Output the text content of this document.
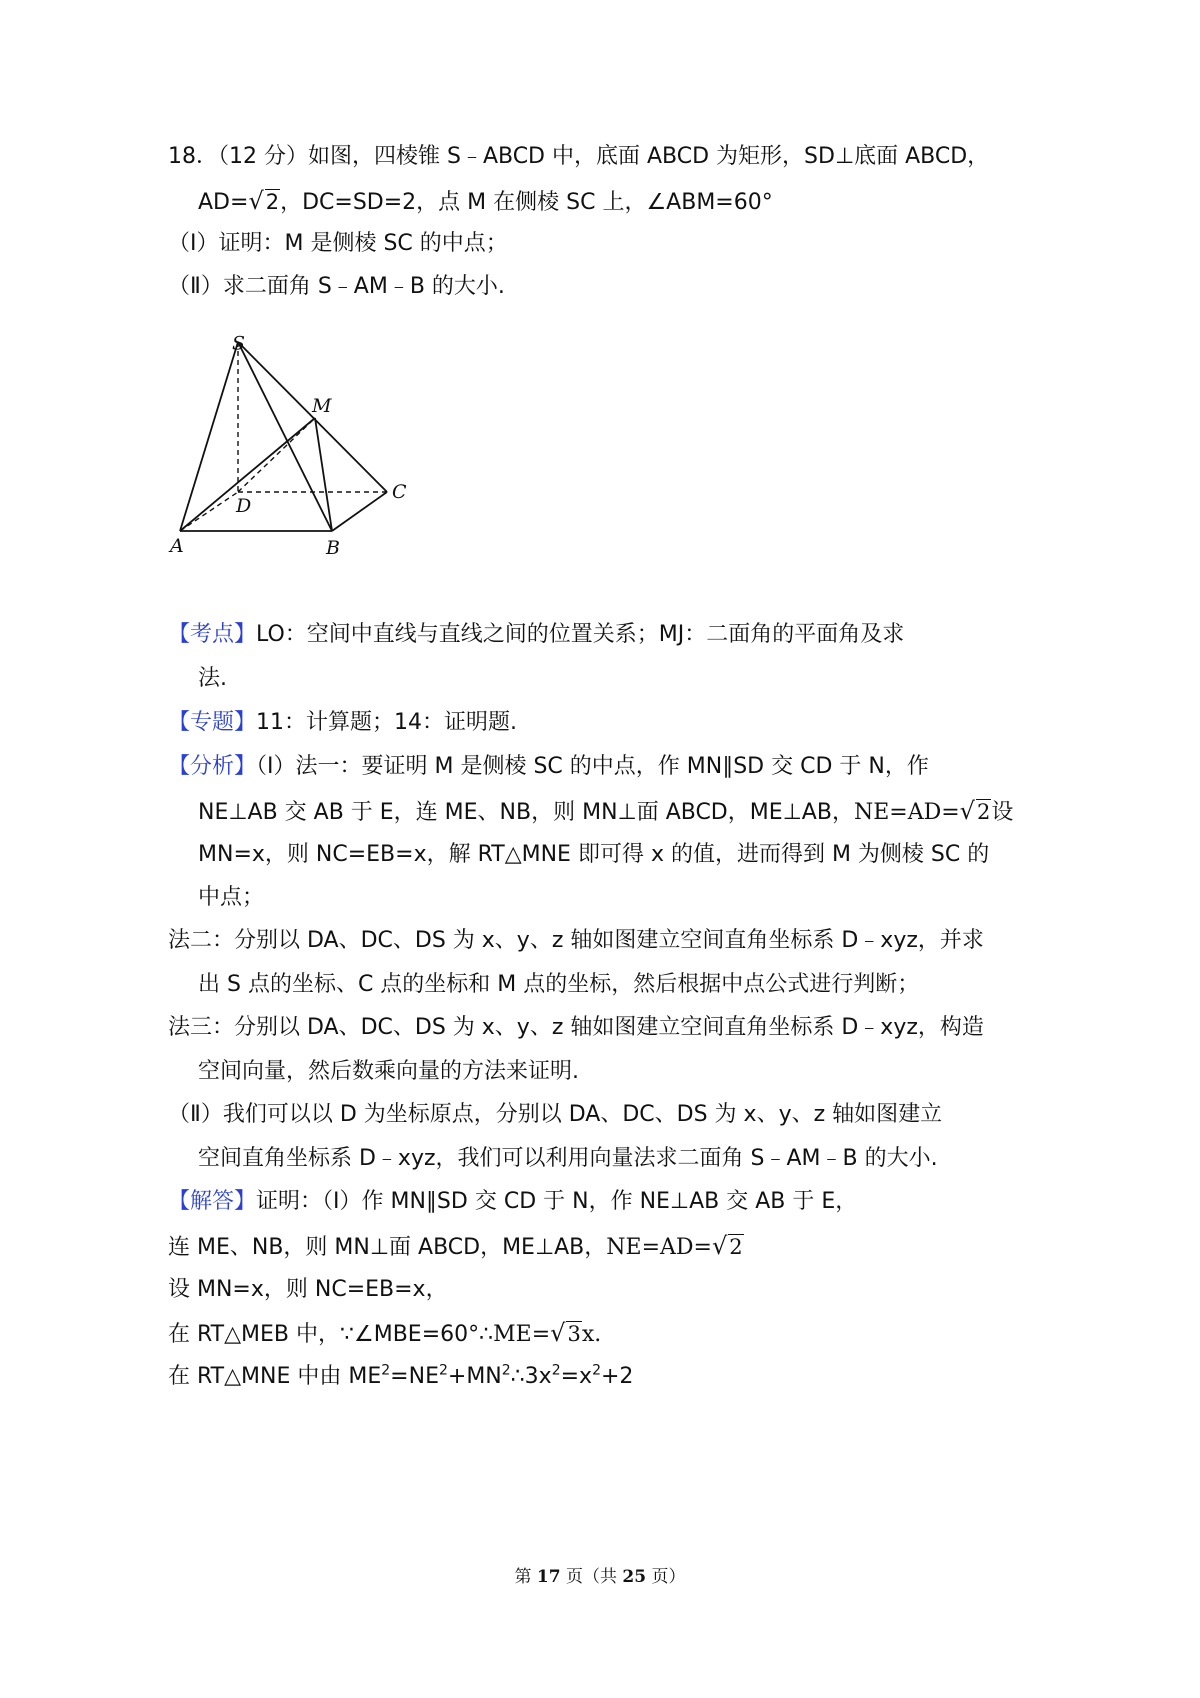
18．（12 分）如图，四棱锥 S﹣ABCD 中，底面 ABCD 为矩形，SD⊥底面 ABCD，
AD=√2，DC=SD=2，点 M 在侧棱 SC 上，∠ABM=60°
（I）证明：M 是侧棱 SC 的中点；
（Ⅱ）求二面角 S﹣AM﹣B 的大小.
S
M
D
C
A	B
【考点】LO：空间中直线与直线之间的位置关系；MJ：二面角的平面角及求
法.
【专题】11：计算题；14：证明题.
【分析】（Ⅰ）法一：要证明 M 是侧棱 SC 的中点，作 MN∥SD 交 CD 于 N，作
NE⊥AB 交 AB 于 E，连 ME、NB，则 MN⊥面 ABCD，ME⊥AB，NE=AD=√2设
MN=x，则 NC=EB=x，解 RT△MNE 即可得 x 的值，进而得到 M 为侧棱 SC 的
中点；
法二：分别以 DA、DC、DS 为 x、y、z 轴如图建立空间直角坐标系 D﹣xyz，并求
出 S 点的坐标、C 点的坐标和 M 点的坐标，然后根据中点公式进行判断；
法三：分别以 DA、DC、DS 为 x、y、z 轴如图建立空间直角坐标系 D﹣xyz，构造
空间向量，然后数乘向量的方法来证明.
（Ⅱ）我们可以以 D 为坐标原点，分别以 DA、DC、DS 为 x、y、z 轴如图建立
空间直角坐标系 D﹣xyz，我们可以利用向量法求二面角 S﹣AM﹣B 的大小.
【解答】证明：（Ⅰ）作 MN∥SD 交 CD 于 N，作 NE⊥AB 交 AB 于 E，
连 ME、NB，则 MN⊥面 ABCD，ME⊥AB，NE=AD=√2
设 MN=x，则 NC=EB=x，
在 RT△MEB 中，∵∠MBE=60°∴ME=√3x.
在 RT△MNE 中由 $ME^2=NE^2+MN^2\therefore 3x^2=x^2+2$
第 17 页（共 25 页）
